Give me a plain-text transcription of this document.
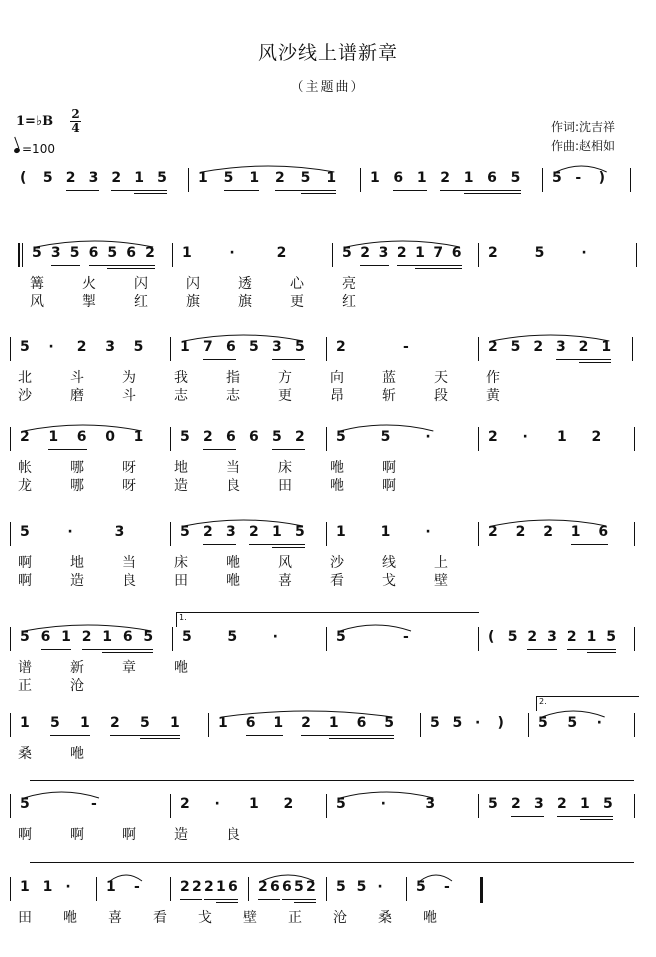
风沙线上谱新章
（主题曲）
1=♭B $\frac{2}{4}$
=100
作词:沈吉祥
作曲:赵相如
( 5 2 3 2 1 5 1 5 1 2 5 1 1 6 1 2 1 6 5 5 - )
5 3 5 6 5 6 2 1	·	2	5 2 3 2 1 7 6 2	5	·
篝	火	闪	闪	透	心	亮
风	掣	红	旗	旗	更	红
5 · 2 3 5	1 7 6 5 3 5 2	-	2 5 2 3 2 1
北	斗	为	我	指	方	向	蓝	天	作
沙	磨	斗	志	志	更	昂	斩	段	黄
2 1 6 0 1	5 2 6 6 5 2 5 5 ·	2 · 1 2
帐	哪	呀	地	当	床	咃	啊
龙	哪	呀	造	良	田	咃	啊
5	·	3	5 2 3 2 1 5 1 1 ·	2 2 2 1 6
啊	地	当	床	咃	风	沙	线	上
啊	造	良	田	咃	喜	看	戈	壁
5 6 1 2 1 6 5 5	5	·	5	-	( 5 2 3 2 1 5
谱	新	章	咃
正	沧
1 5 1 2 5 1	1 6 1 2 1 6 5	5 5 · ) 5 5 ·
桑	咃
5	-	2 · 1 2	5 ·	3	5 2 3 2 1 5
啊	啊	啊	造	良
1 1 ·	1 -	2 2 2 1 6 2 6 6 5 2 5 5 · 5 -
田 咃 喜 看 戈 壁 正 沧 桑 咃
1.
2.
